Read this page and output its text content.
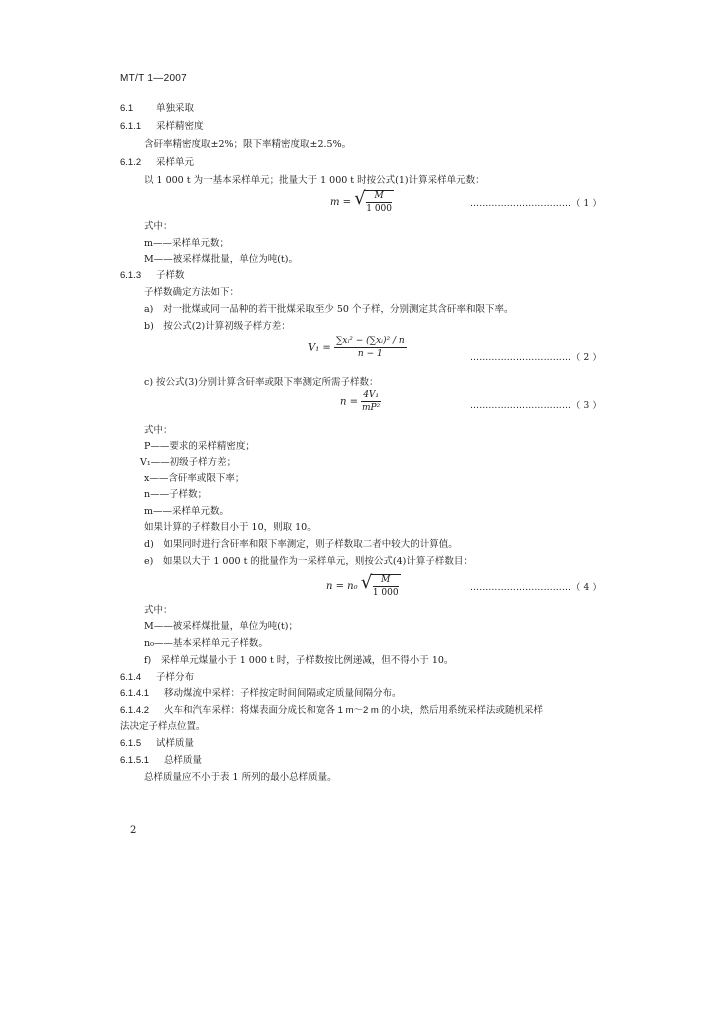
MT/T 1—2007
6.1 单独采取
6.1.1 采样精密度
含矸率精密度取±2%；限下率精密度取±2.5%。
6.1.2 采样单元
以 1 000 t 为一基本采样单元；批量大于 1 000 t 时按公式(1)计算采样单元数：
m = √ $\frac{M}{1 000}$	……………………………（ 1 ）
式中：
m——采样单元数；
M——被采样煤批量，单位为吨(t)。
6.1.3 子样数
子样数确定方法如下：
a)　对一批煤或同一品种的若干批煤采取至少 50 个子样，分别测定其含矸率和限下率。
b)　按公式(2)计算初级子样方差：
$V_1 = \frac{\text{∑xᵢ² − (∑xᵢ)² / n}}{n - 1}$	……………………………（ 2 ）
c) 按公式(3)分别计算含矸率或限下率测定所需子样数：
$n = \frac{\text{4V₁}}{\text{mP²}}$	……………………………（ 3 ）
式中：
P——要求的采样精密度；
V₁——初级子样方差；
x——含矸率或限下率；
n——子样数；
m——采样单元数。
如果计算的子样数目小于 10，则取 10。
d)　如果同时进行含矸率和限下率测定，则子样数取二者中较大的计算值。
e)　如果以大于 1 000 t 的批量作为一采样单元，则按公式(4)计算子样数目：
n = n₀ √ $\frac{M}{1 000}$	……………………………（ 4 ）
式中：
M——被采样煤批量，单位为吨(t)；
n₀——基本采样单元子样数。
f)　采样单元煤量小于 1 000 t 时，子样数按比例递减，但不得小于 10。
6.1.4 子样分布
6.1.4.1 移动煤流中采样：子样按定时间间隔或定质量间隔分布。
6.1.4.2 火车和汽车采样：将煤表面分成长和宽各 1 m～2 m 的小块，然后用系统采样法或随机采样
法决定子样点位置。
6.1.5 试样质量
6.1.5.1 总样质量
总样质量应不小于表 1 所列的最小总样质量。
2
